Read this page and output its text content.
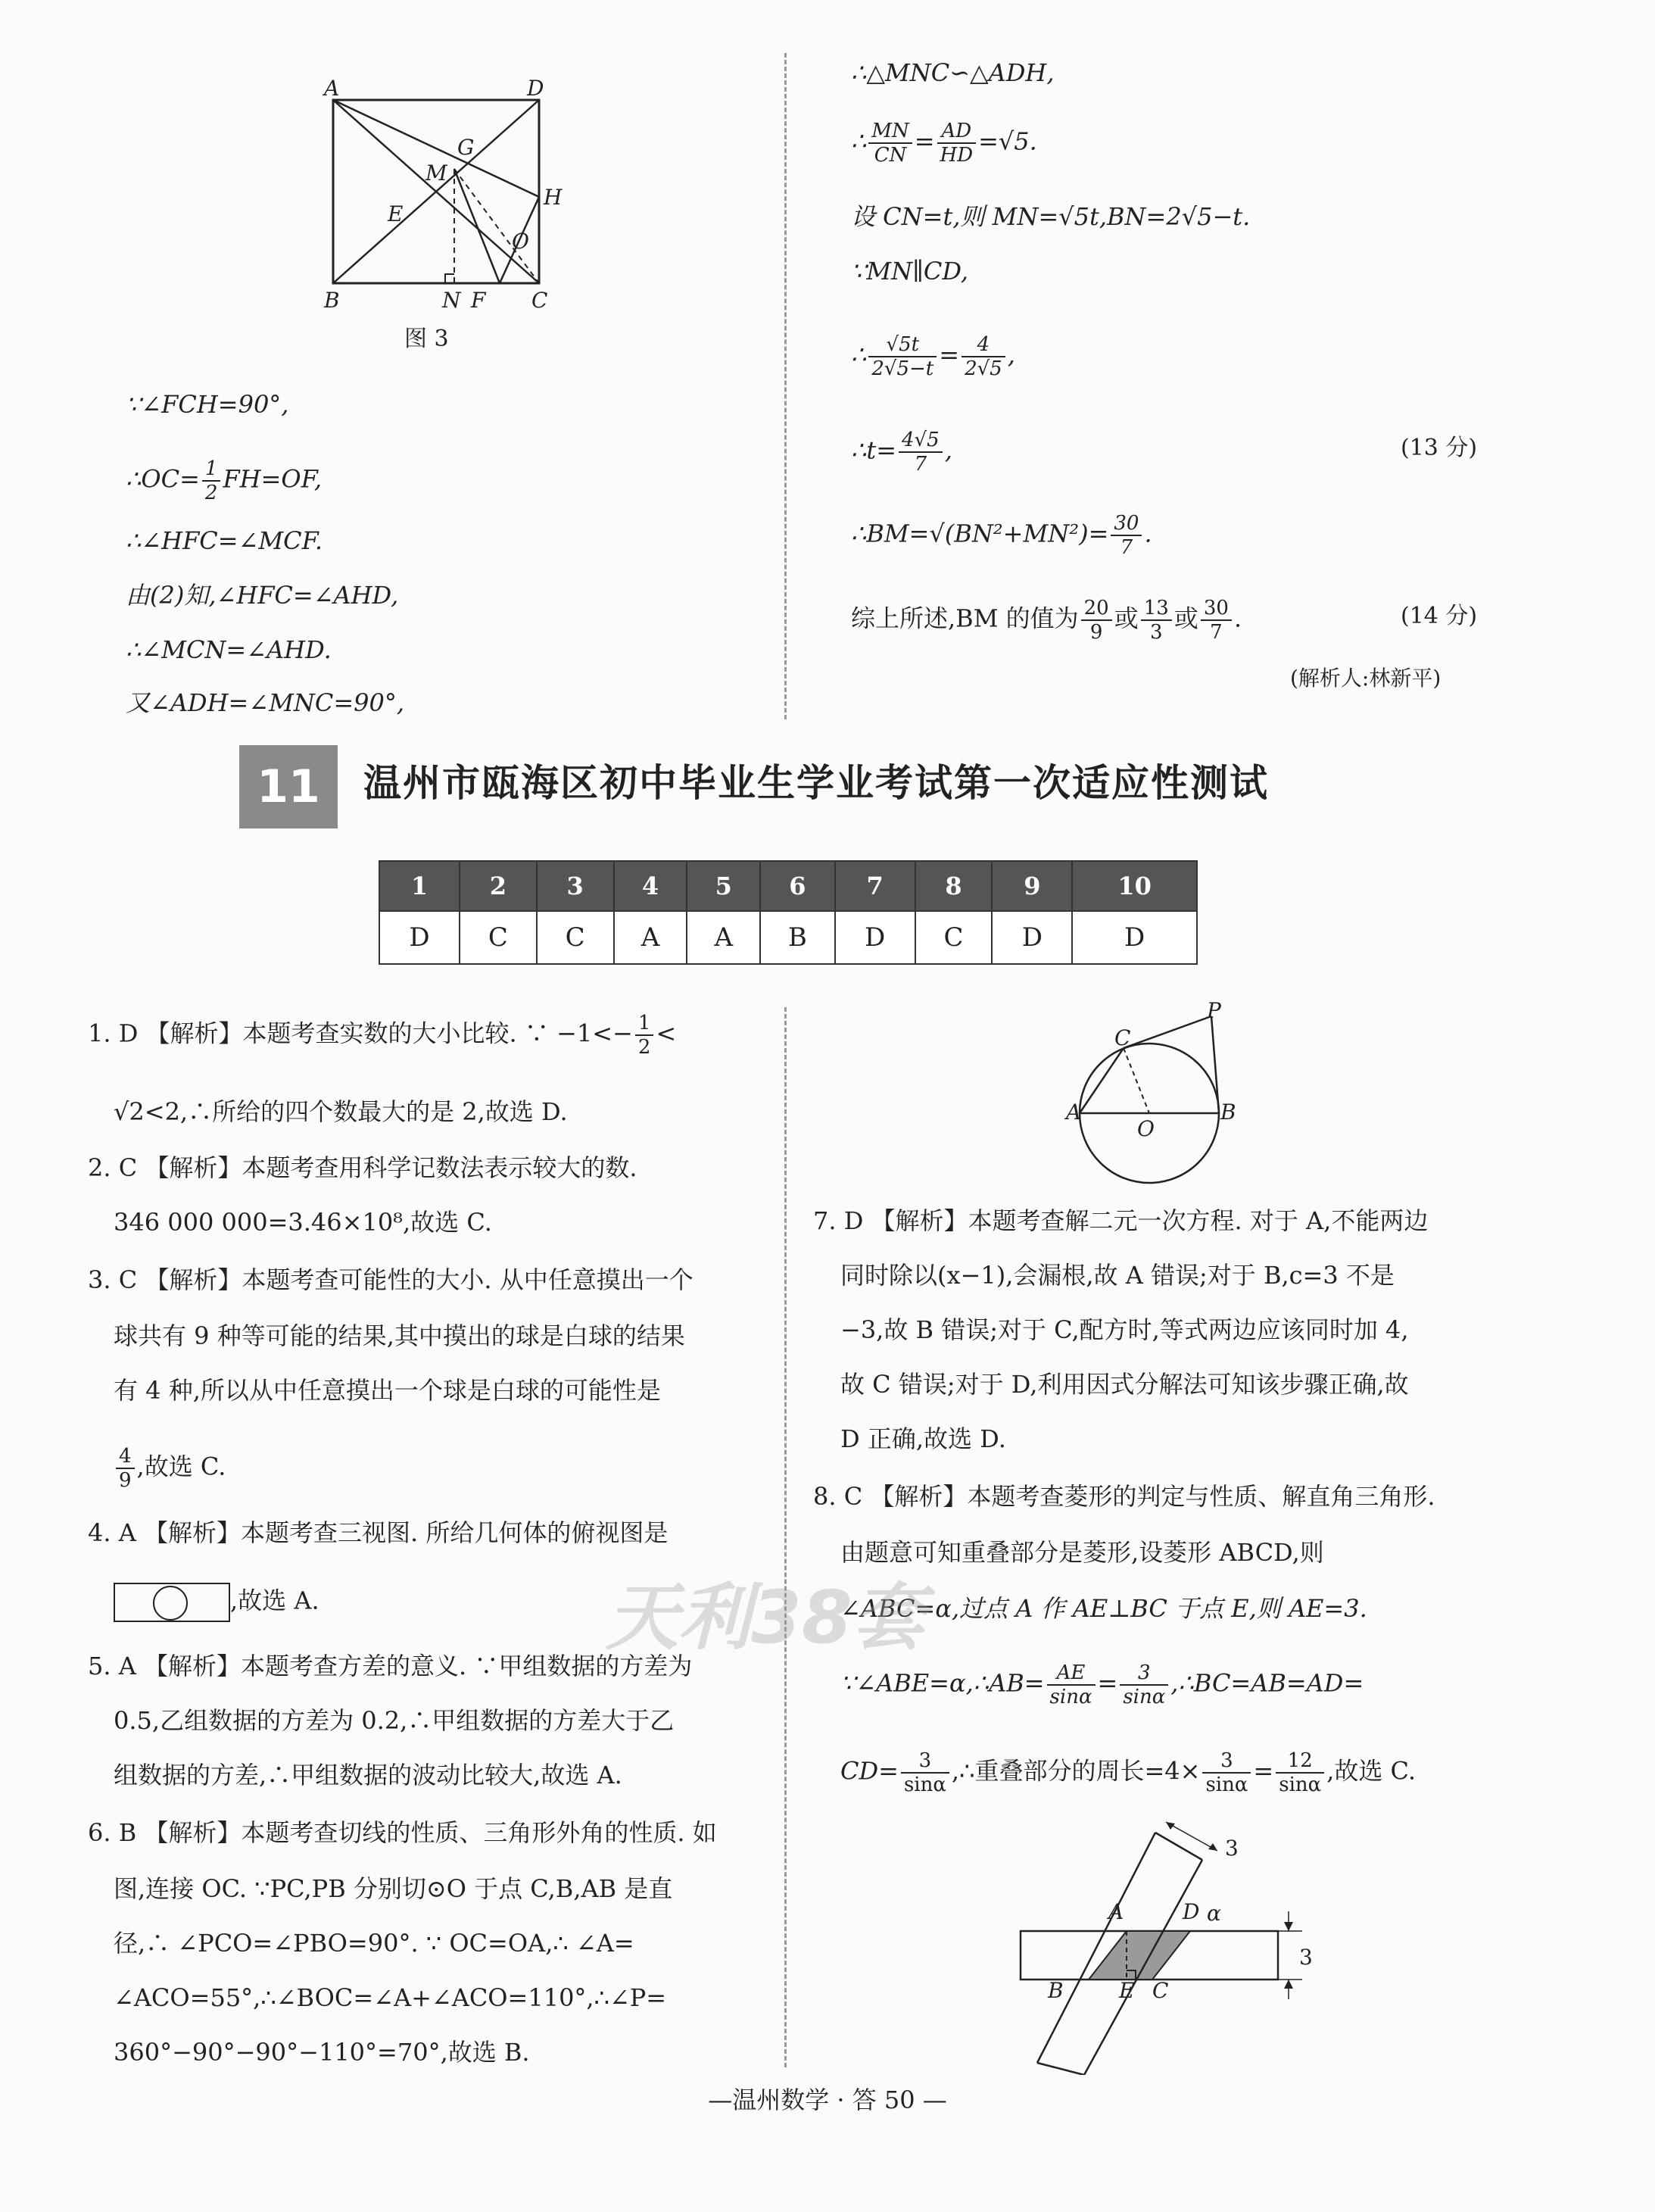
A	D
G
M
H
E
O
B	N F C
图 3
∵∠FCH=90°,
∴OC= $\frac{1}{2} FH=OF$,
∴∠HFC=∠MCF.
由(2)知,∠HFC=∠AHD,
∴∠MCN=∠AHD.
又∠ADH=∠MNC=90°,
∴△MNC∽△ADH,
∴ $\frac{MN}{CN} = \frac{AD}{HD} =√5$.
设 CN=t,则 MN=√5t,BN=2√5−t.
∵MN∥CD,
∴ $\frac{√5t}{2√5-t} = \frac{4}{2√5}$ ,
∴t= $\frac{4√5}{7}$ ,	(13 分)
∴BM=√(BN²+MN²)= $\frac{30}{7}$ .
综上所述,BM 的值为 $\frac{20}{9}$ 或 $\frac{13}{3}$ 或 $\frac{30}{7}$ .	(14 分)
(解析人:林新平)
11	温州市瓯海区初中毕业生学业考试第一次适应性测试
1	2	3	4	5	6	7	8	9	10
D	C	C	A	A	B	D	C	D	D
1. D 【解析】本题考查实数的大小比较. ∵ $-1<- \frac{1}{2}$ <
√2<2,∴所给的四个数最大的是 2,故选 D.
2. C 【解析】本题考查用科学记数法表示较大的数.
346 000 000=3.46×10⁸,故选 C.
3. C 【解析】本题考查可能性的大小. 从中任意摸出一个
球共有 9 种等可能的结果,其中摸出的球是白球的结果
有 4 种,所以从中任意摸出一个球是白球的可能性是
$\frac{4}{9}$ ,故选 C.
4. A 【解析】本题考查三视图. 所给几何体的俯视图是
,故选 A.
5. A 【解析】本题考查方差的意义. ∵甲组数据的方差为
0.5,乙组数据的方差为 0.2,∴甲组数据的方差大于乙
组数据的方差,∴甲组数据的波动比较大,故选 A.
6. B 【解析】本题考查切线的性质、三角形外角的性质. 如
图,连接 OC. ∵PC,PB 分别切⊙O 于点 C,B,AB 是直
径,∴ ∠PCO=∠PBO=90°. ∵ OC=OA,∴ ∠A=
∠ACO=55°,∴∠BOC=∠A+∠ACO=110°,∴∠P=
360°−90°−90°−110°=70°,故选 B.
P
C
A
O
B
7. D 【解析】本题考查解二元一次方程. 对于 A,不能两边
同时除以(x−1),会漏根,故 A 错误;对于 B,c=3 不是
−3,故 B 错误;对于 C,配方时,等式两边应该同时加 4,
故 C 错误;对于 D,利用因式分解法可知该步骤正确,故
D 正确,故选 D.
8. C 【解析】本题考查菱形的判定与性质、解直角三角形.
由题意可知重叠部分是菱形,设菱形 ABCD,则
∠ABC=α,过点 A 作 AE⊥BC 于点 E,则 AE=3.
∵∠ABE=α,∴AB= $\frac{AE}{\sin\alpha} = \frac{3}{\sin\alpha}$ ,∴BC=AB=AD=
$CD= \frac{3}{\sin\alpha}$ ,∴重叠部分的周长$=4\times \frac{3}{\sin\alpha} = \frac{12}{\sin\alpha}$ ,故选 C.
A	D α
B	E C
3
3
天利38套
—温州数学 · 答 50 —
